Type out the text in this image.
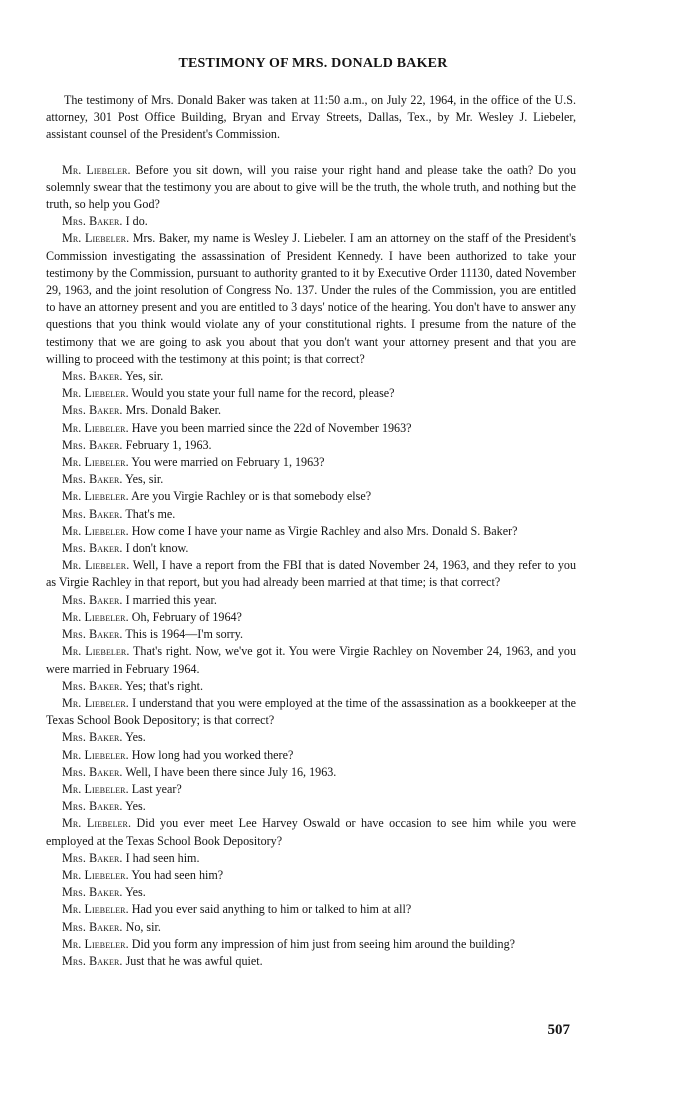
TESTIMONY OF MRS. DONALD BAKER

The testimony of Mrs. Donald Baker was taken at 11:50 a.m., on July 22, 1964, in the office of the U.S. attorney, 301 Post Office Building, Bryan and Ervay Streets, Dallas, Tex., by Mr. Wesley J. Liebeler, assistant counsel of the President's Commission.

Mr. Liebeler. Before you sit down, will you raise your right hand and please take the oath? Do you solemnly swear that the testimony you are about to give will be the truth, the whole truth, and nothing but the truth, so help you God?

Mrs. Baker. I do.

Mr. Liebeler. Mrs. Baker, my name is Wesley J. Liebeler. I am an attorney on the staff of the President's Commission investigating the assassination of President Kennedy. I have been authorized to take your testimony by the Commission, pursuant to authority granted to it by Executive Order 11130, dated November 29, 1963, and the joint resolution of Congress No. 137. Under the rules of the Commission, you are entitled to have an attorney present and you are entitled to 3 days' notice of the hearing. You don't have to answer any questions that you think would violate any of your constitutional rights. I presume from the nature of the testimony that we are going to ask you about that you don't want your attorney present and that you are willing to proceed with the testimony at this point; is that correct?

Mrs. Baker. Yes, sir.

Mr. Liebeler. Would you state your full name for the record, please?

Mrs. Baker. Mrs. Donald Baker.

Mr. Liebeler. Have you been married since the 22d of November 1963?

Mrs. Baker. February 1, 1963.

Mr. Liebeler. You were married on February 1, 1963?

Mrs. Baker. Yes, sir.

Mr. Liebeler. Are you Virgie Rachley or is that somebody else?

Mrs. Baker. That's me.

Mr. Liebeler. How come I have your name as Virgie Rachley and also Mrs. Donald S. Baker?

Mrs. Baker. I don't know.

Mr. Liebeler. Well, I have a report from the FBI that is dated November 24, 1963, and they refer to you as Virgie Rachley in that report, but you had already been married at that time; is that correct?

Mrs. Baker. I married this year.

Mr. Liebeler. Oh, February of 1964?

Mrs. Baker. This is 1964—I'm sorry.

Mr. Liebeler. That's right. Now, we've got it. You were Virgie Rachley on November 24, 1963, and you were married in February 1964.

Mrs. Baker. Yes; that's right.

Mr. Liebeler. I understand that you were employed at the time of the assassination as a bookkeeper at the Texas School Book Depository; is that correct?

Mrs. Baker. Yes.

Mr. Liebeler. How long had you worked there?

Mrs. Baker. Well, I have been there since July 16, 1963.

Mr. Liebeler. Last year?

Mrs. Baker. Yes.

Mr. Liebeler. Did you ever meet Lee Harvey Oswald or have occasion to see him while you were employed at the Texas School Book Depository?

Mrs. Baker. I had seen him.

Mr. Liebeler. You had seen him?

Mrs. Baker. Yes.

Mr. Liebeler. Had you ever said anything to him or talked to him at all?

Mrs. Baker. No, sir.

Mr. Liebeler. Did you form any impression of him just from seeing him around the building?

Mrs. Baker. Just that he was awful quiet.

507
